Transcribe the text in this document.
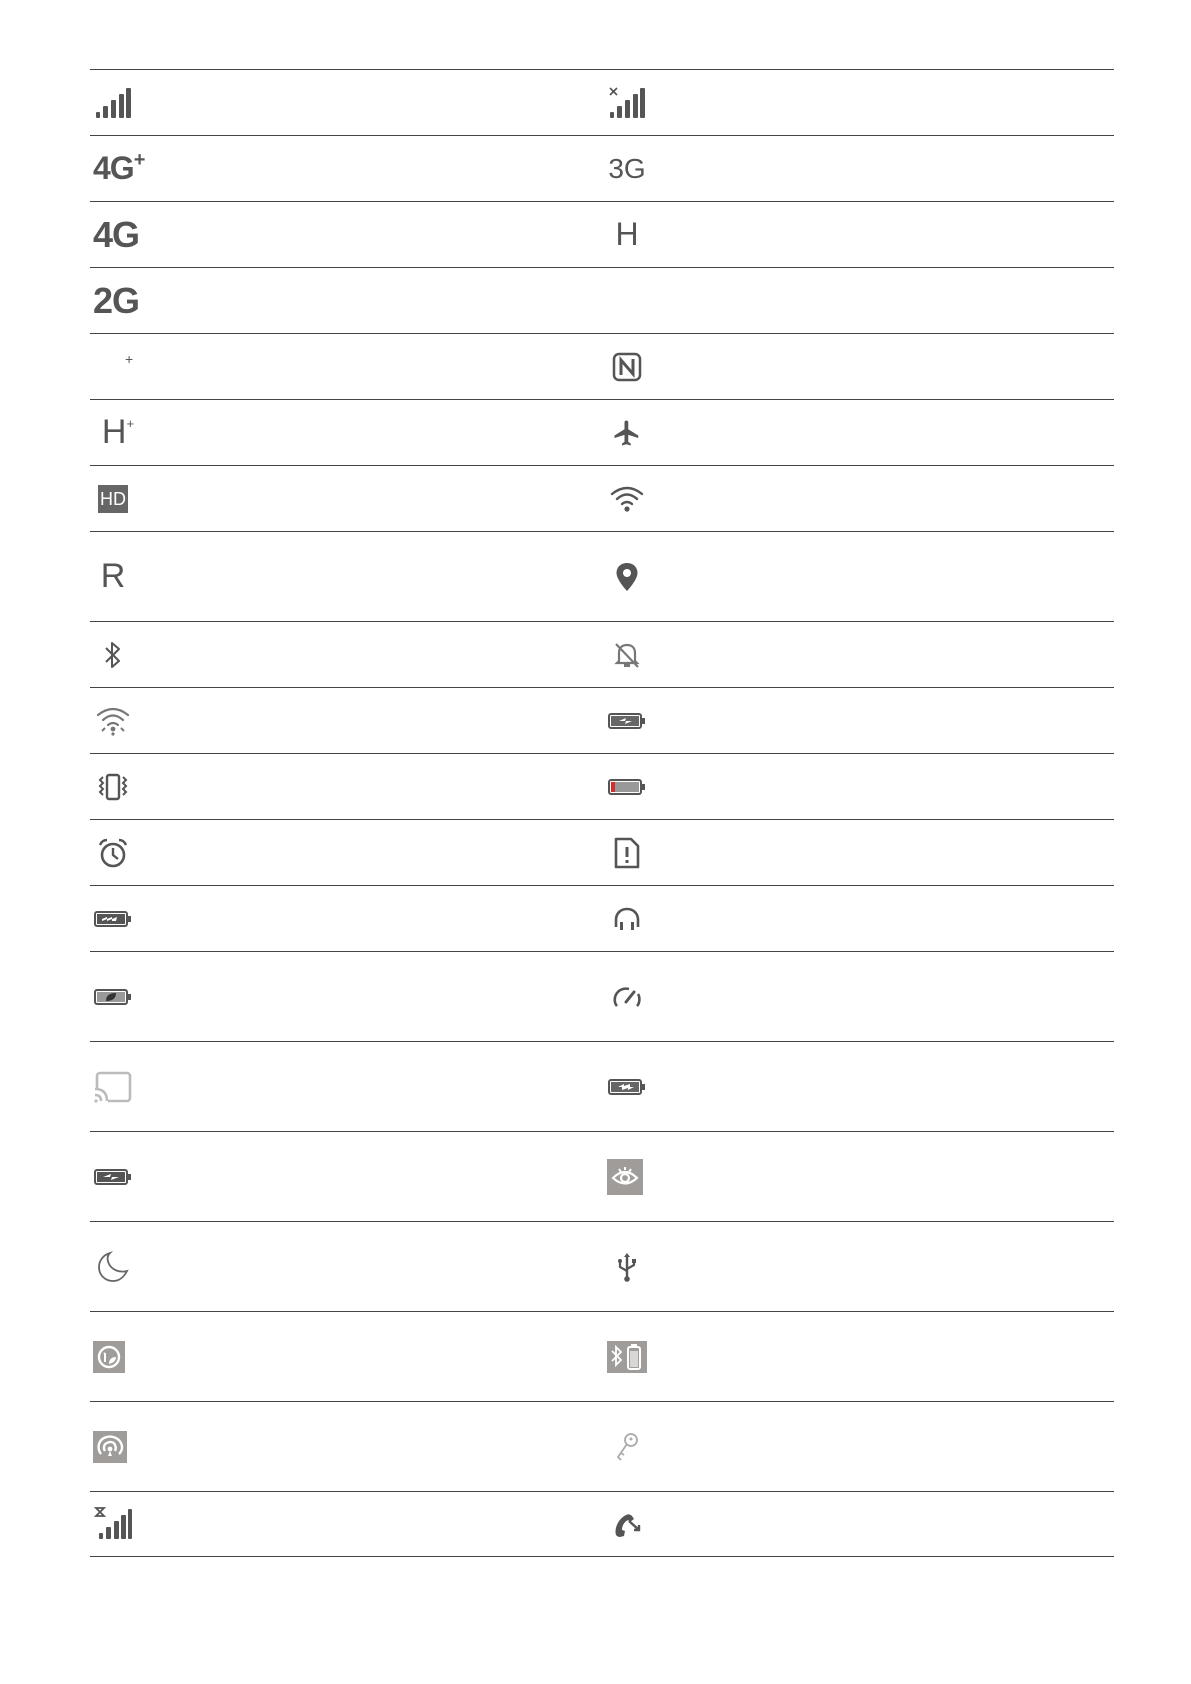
4G +	3G
4G	H
2G
+
H +
HD
R
